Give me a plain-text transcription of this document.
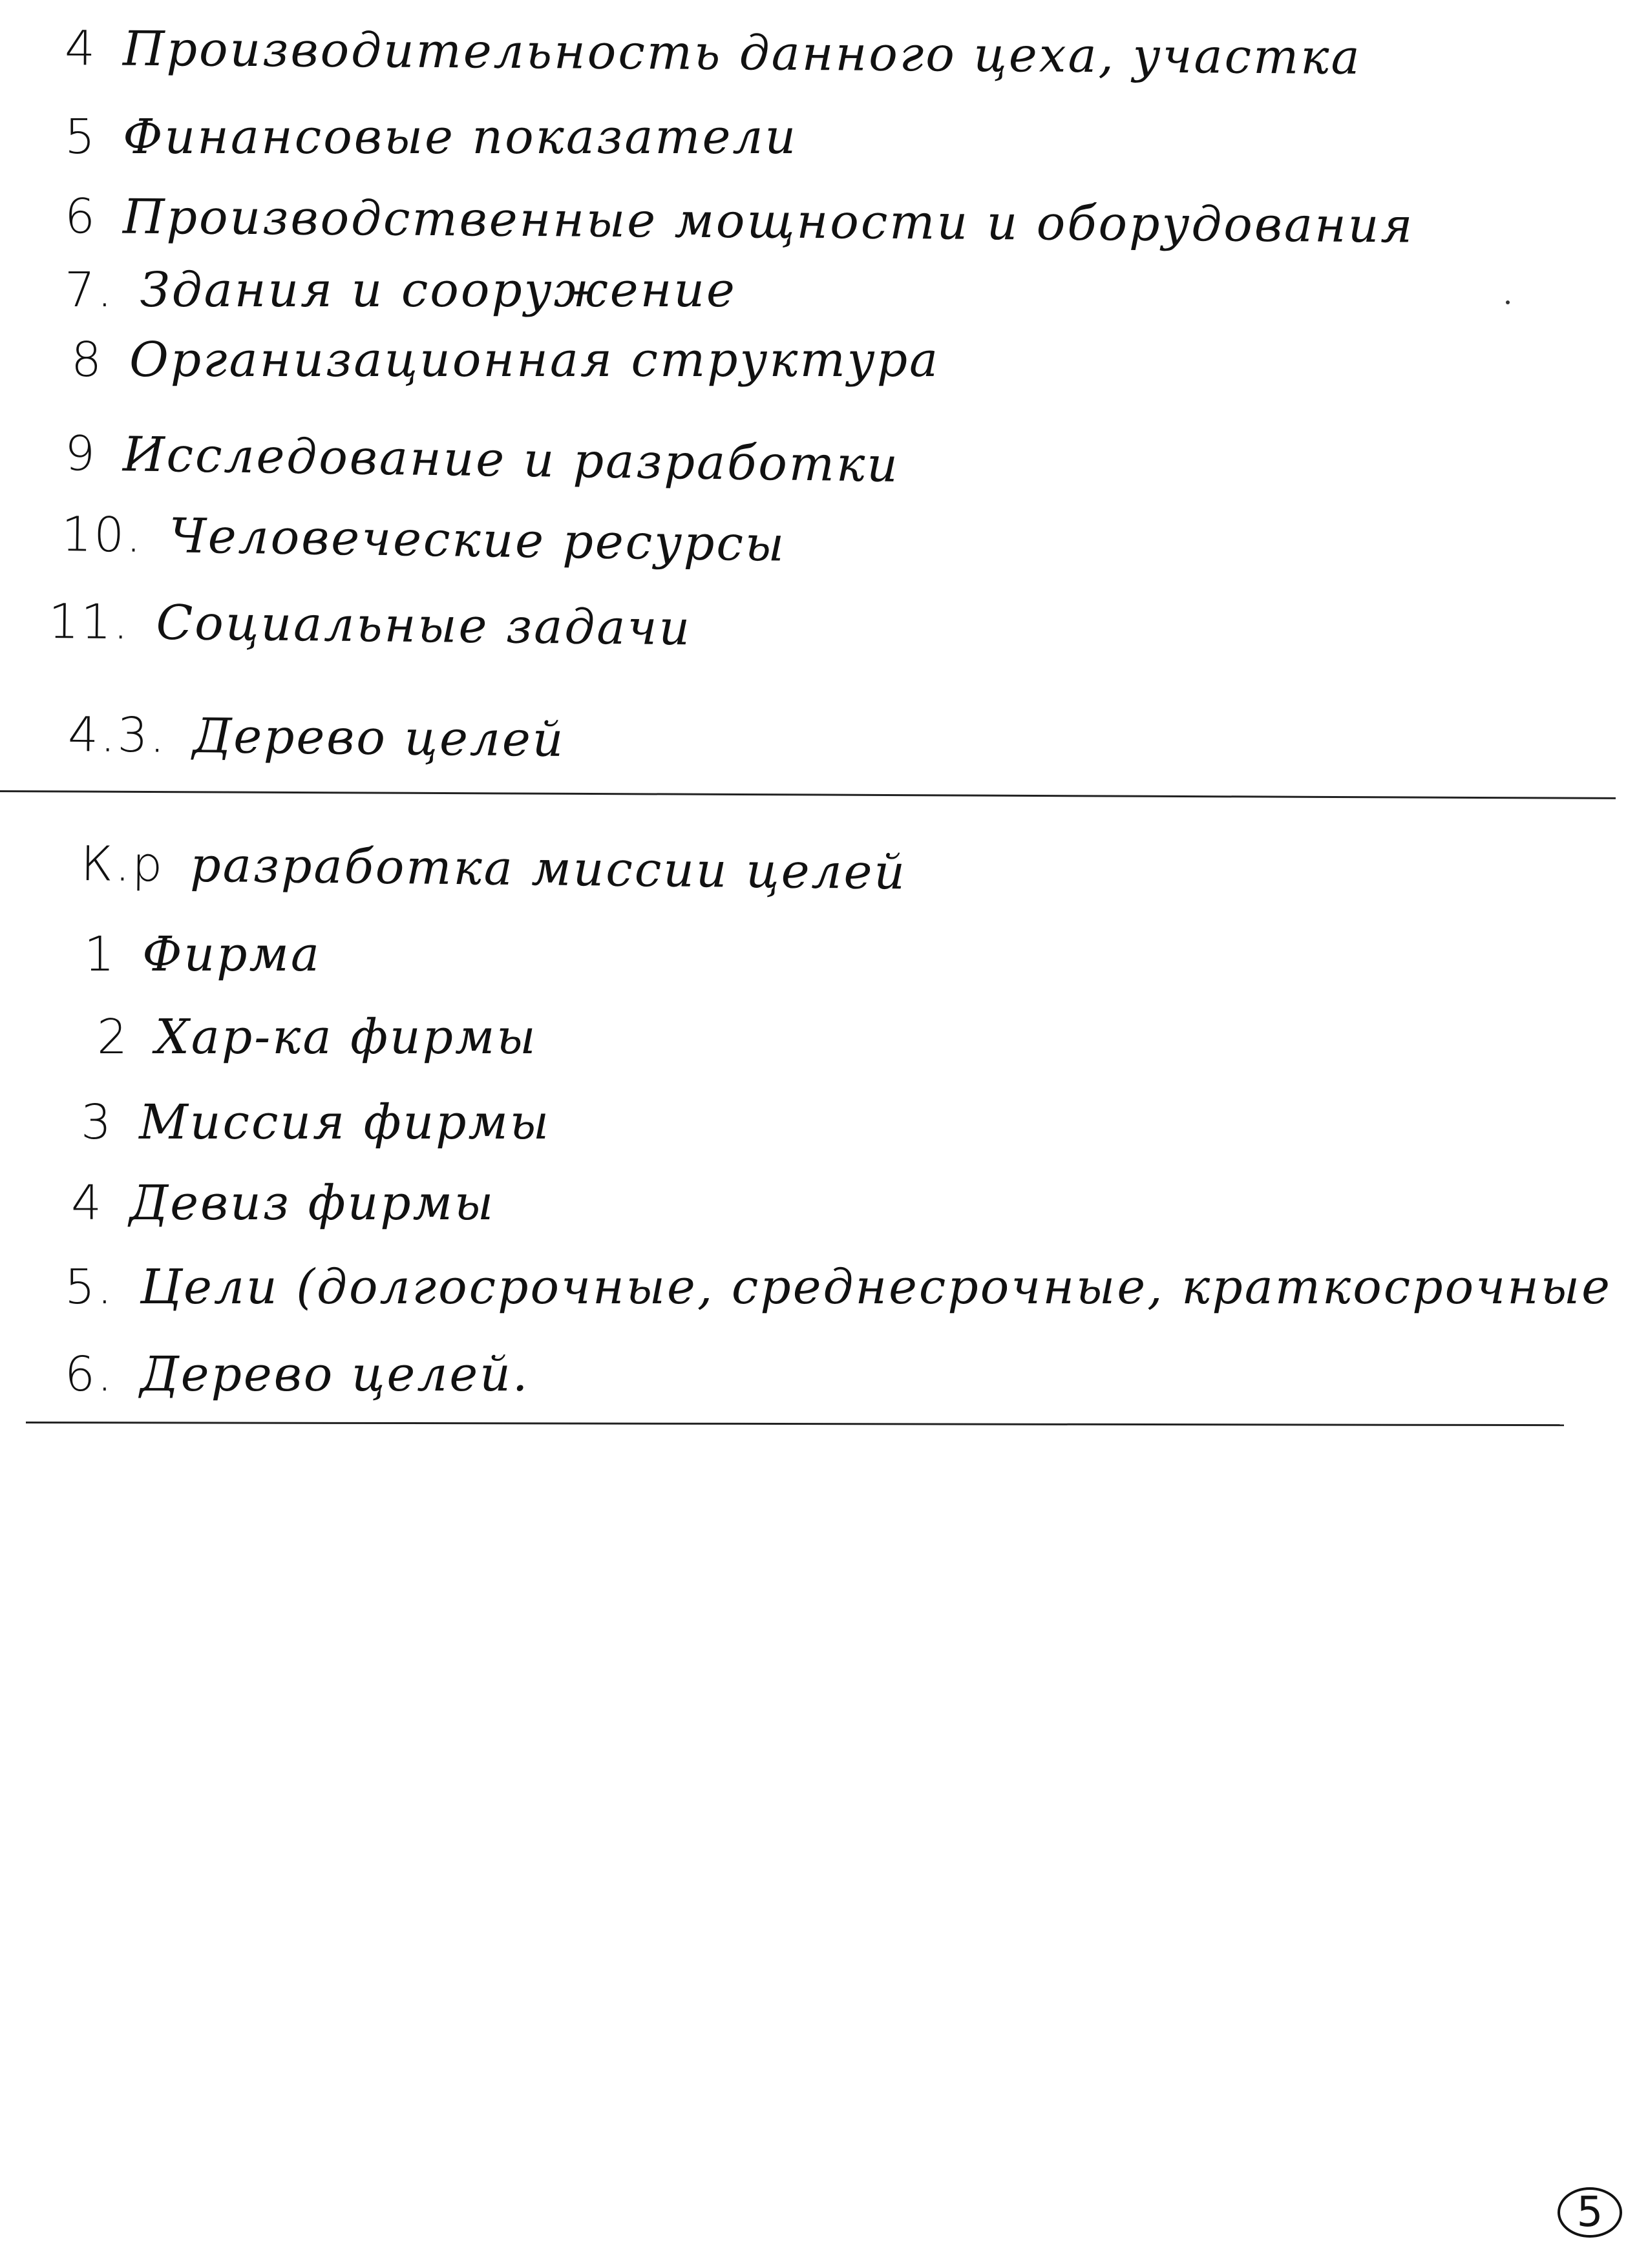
4 Производительность данного цеха, участка
5 Финансовые показатели
6 Производственные мощности и оборудования
7. Здания и сооружение
8 Организационная структура
9 Исследование и разработки
10. Человеческие ресурсы
11. Социальные задачи
4.3. Дерево целей
К.р разработка миссии целей
1 Фирма
2 Хар-ка фирмы
3 Миссия фирмы
4 Девиз фирмы
5. Цели (долгосрочные, среднесрочные, краткосрочные
6. Дерево целей.
5
